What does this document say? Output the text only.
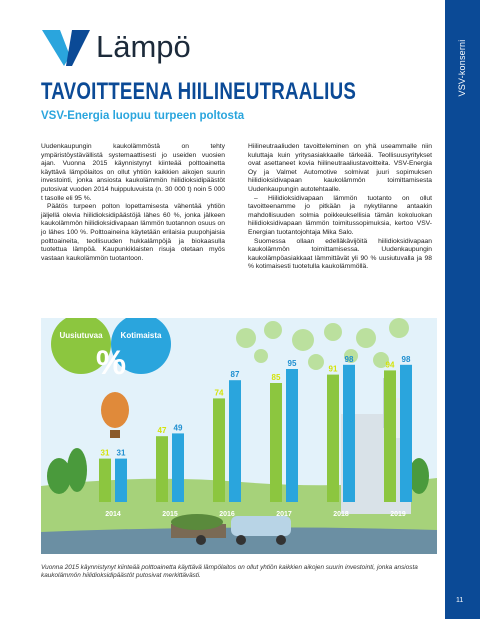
VSV-konserni
11
Lämpö
TAVOITTEENA HIILINEUTRAALIUS
VSV-Energia luopuu turpeen poltosta

Uudenkaupungin kaukolämmöstä on tehty ympäristöystävällistä systemaattisesti jo useiden vuosien ajan. Vuonna 2015 käynnistynyt kiinteää polttoainetta käyttävä lämpölaitos on ollut yhtiön kaikkien aikojen suurin investointi, jonka ansiosta kaukolämmön hiilidioksidipäästöt putosivat vuoden 2014 huippuluvuista (n. 30 000 t) noin 5 000 t tasolle eli 95 %.

Päätös turpeen polton lopettamisesta vähentää yhtiön jäljellä olevia hiilidioksidipäästöjä lähes 60 %, jonka jälkeen kaukolämmön hiilidioksidivapaan lämmön tuotannon osuus on jo lähes 100 %. Polttoaineina käytetään erilaisia puupohjaisia polttoaineita, teollisuuden hukkalämpöjä ja biokaasulla tuotettua lämpöä. Kaupunkiklaisten risuja otetaan myös vastaan kaukolämmön tuotantoon.

Hiilineutraaliuden tavoitteleminen on yhä useammalle niin kuluttaja kuin yritysasiakkaalle tärkeää. Teollisuusyritykset ovat asettaneet kovia hiilineutraaliustavoitteita. VSV-Energia Oy ja Valmet Automotive solmivat juuri sopimuksen hiilidioksidivapaan kaukolämmön toimittamisesta Uudenkaupungin autotehtaalle.

– Hiilidioksidivapaan lämmön tuotanto on ollut tavoitteenamme jo pitkään ja nykytilanne antaakin mahdollisuuden solmia poikkeuksellisia tämän kokoluokan hiilidioksidivapaan lämmön toimitussopimuksia, kertoo VSV-Energian tuotantojohtaja Mika Salo.

Suomessa ollaan edelläkävijöitä hiilidioksidivapaan kaukolämmön toimittamisessa. Uudenkaupungin kaukolämpöasiakkaat lämmittävät yli 90 % uusiutuvalla ja 98 % kotimaisesti tuotetulla kaukolämmöllä.

Uusiutuvaa Kotimaista
%
31 31
2014
47 49
2015
74
87
2016
85
95
2017
91
98
2018
94
98
2019
Vuonna 2015 käynnistynyt kiinteää polttoainetta käyttävä lämpölaitos on ollut yhtiön kaikkien aikojen suurin investointi, jonka ansiosta kaukolämmön hiilidioksidipäästöt putosivat merkittävästi.
